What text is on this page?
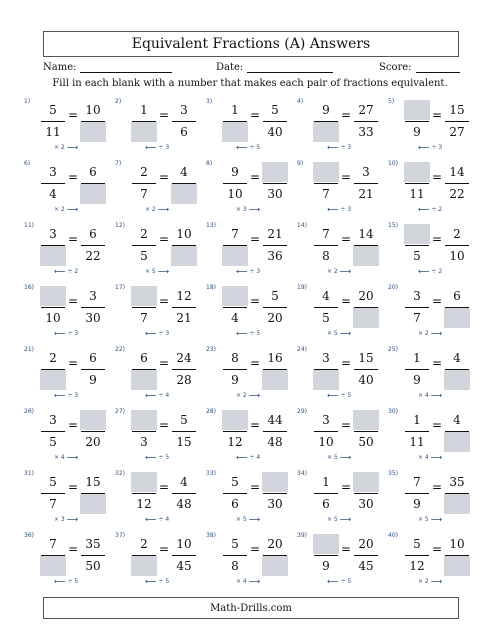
Equivalent Fractions (A) Answers
Name:	Date:	Score:
Fill in each blank with a number that makes each pair of fractions equivalent.
1)
5
11
= 10
× 2 ⟶
2)
1 = 3
6
⟵ ÷ 3
3)
1 = 5
40
⟵ ÷ 5
4)
9 = 27
33
⟵ ÷ 3
5)
9
= 15
27
⟵ ÷ 3
6)
3
4
= 6
× 2 ⟶
7)
2
7
= 4
× 2 ⟶
8)
9
10
=
30
× 3 ⟶
9)
7
= 3
21
⟵ ÷ 3
10)
11
= 14
22
⟵ ÷ 2
11)
3 = 6
22
⟵ ÷ 2
12)
2
5
= 10
× 5 ⟶
13)
7 = 21
36
⟵ ÷ 3
14)
7
8
= 14
× 2 ⟶
15)
5
= 2
10
⟵ ÷ 2
16)
10
= 3
30
⟵ ÷ 3
17)
7
= 12
21
⟵ ÷ 3
18)
4
= 5
20
⟵ ÷ 5
19)
4
5
= 20
× 5 ⟶
20)
3
7
= 6
× 2 ⟶
21)
2 = 6
9
⟵ ÷ 3
22)
6 = 24
28
⟵ ÷ 4
23)
8
9
= 16
× 2 ⟶
24)
3 = 15
40
⟵ ÷ 5
25)
1
9
= 4
× 4 ⟶
26)
3
5
=
20
× 4 ⟶
27)
3
= 5
15
⟵ ÷ 5
28)
12
= 44
48
⟵ ÷ 4
29)
3
10
=
50
× 5 ⟶
30)
1
11
= 4
× 4 ⟶
31)
5
7
= 15
× 3 ⟶
32)
12
= 4
48
⟵ ÷ 4
33)
5
6
=
30
× 5 ⟶
34)
1
6
=
30
× 5 ⟶
35)
7
9
= 35
× 5 ⟶
36)
7 = 35
50
⟵ ÷ 5
37)
2 = 10
45
⟵ ÷ 5
38)
5
8
= 20
× 4 ⟶
39)
9
= 20
45
⟵ ÷ 5
40)
5
12
= 10
× 2 ⟶
Math-Drills.com
